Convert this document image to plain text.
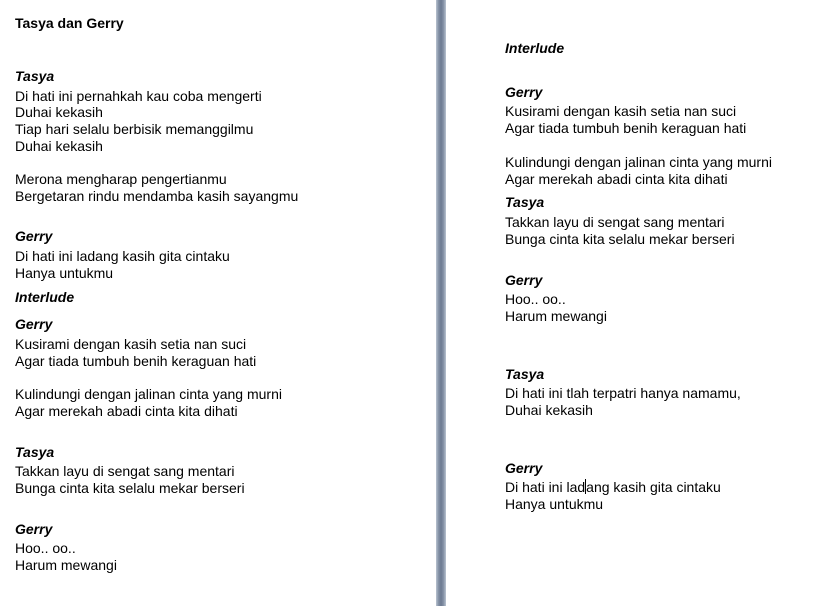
Tasya dan Gerry
Tasya
Di hati ini pernahkah kau coba mengerti
Duhai kekasih
Tiap hari selalu berbisik memanggilmu
Duhai kekasih
Merona mengharap pengertianmu
Bergetaran rindu mendamba kasih sayangmu
Gerry
Di hati ini ladang kasih gita cintaku
Hanya untukmu
Interlude
Gerry
Kusirami dengan kasih setia nan suci
Agar tiada tumbuh benih keraguan hati
Kulindungi dengan jalinan cinta yang murni
Agar merekah abadi cinta kita dihati
Tasya
Takkan layu di sengat sang mentari
Bunga cinta kita selalu mekar berseri
Gerry
Hoo.. oo..
Harum mewangi
Interlude
Gerry
Kusirami dengan kasih setia nan suci
Agar tiada tumbuh benih keraguan hati
Kulindungi dengan jalinan cinta yang murni
Agar merekah abadi cinta kita dihati
Tasya
Takkan layu di sengat sang mentari
Bunga cinta kita selalu mekar berseri
Gerry
Hoo.. oo..
Harum mewangi
Tasya
Di hati ini tlah terpatri hanya namamu,
Duhai kekasih
Gerry
Di hati ini ladang kasih gita cintaku
Hanya untukmu
